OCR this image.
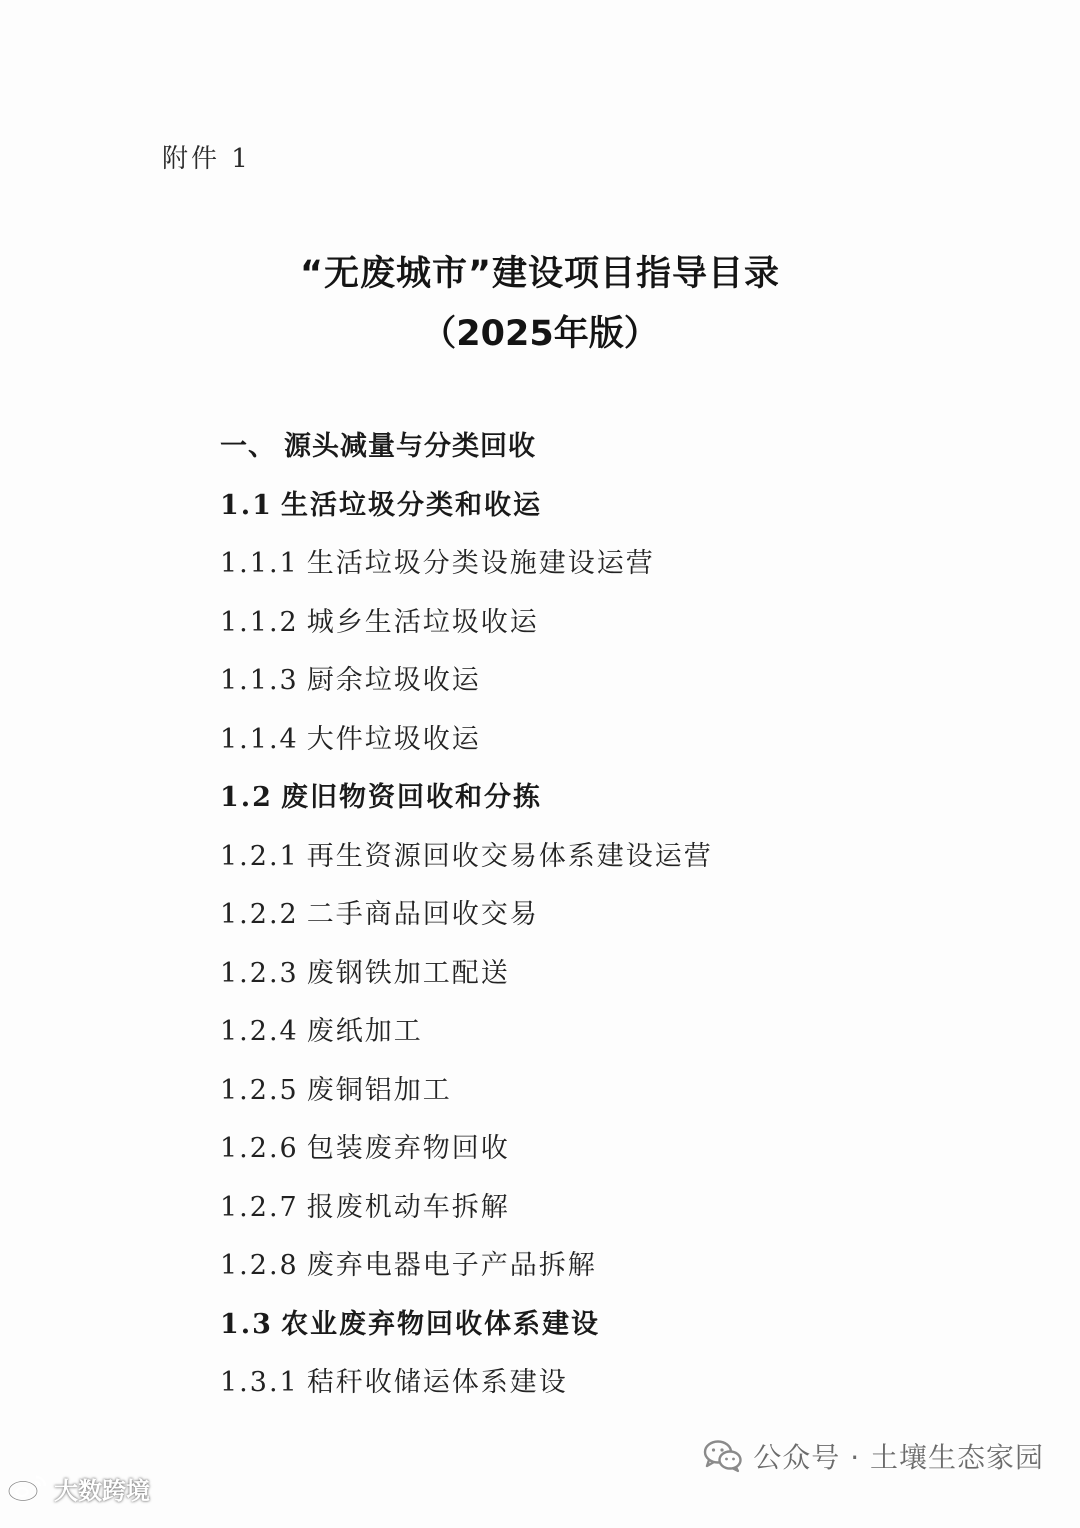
附件 1
“无废城市”建设项目指导目录
（2025年版）
一、 源头减量与分类回收
1.1 生活垃圾分类和收运
1.1.1 生活垃圾分类设施建设运营
1.1.2 城乡生活垃圾收运
1.1.3 厨余垃圾收运
1.1.4 大件垃圾收运
1.2 废旧物资回收和分拣
1.2.1 再生资源回收交易体系建设运营
1.2.2 二手商品回收交易
1.2.3 废钢铁加工配送
1.2.4 废纸加工
1.2.5 废铜铝加工
1.2.6 包装废弃物回收
1.2.7 报废机动车拆解
1.2.8 废弃电器电子产品拆解
1.3 农业废弃物回收体系建设
1.3.1 秸秆收储运体系建设
公众号 · 土壤生态家园
大数跨境
